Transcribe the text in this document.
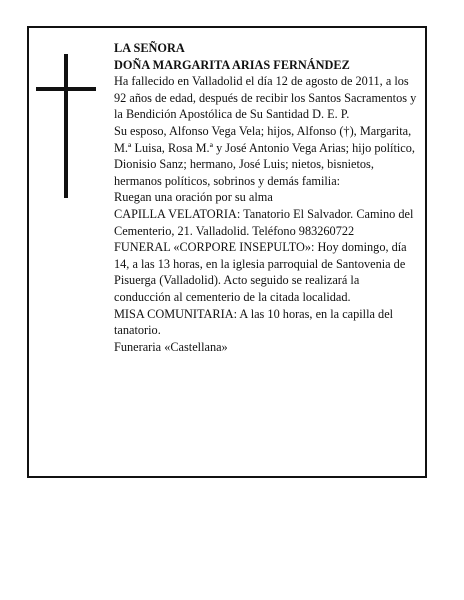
LA SEÑORA

DOÑA MARGARITA ARIAS FERNÁNDEZ

Ha fallecido en Valladolid el día 12 de agosto de 2011, a los 92 años de edad, después de recibir los Santos Sacramentos y la Bendición Apostólica de Su Santidad D. E. P.

Su esposo, Alfonso Vega Vela; hijos, Alfonso (†), Margarita, M.ª Luisa, Rosa M.ª y José Antonio Vega Arias; hijo político, Dionisio Sanz; hermano, José Luis; nietos, bisnietos, hermanos políticos, sobrinos y demás familia:

Ruegan una oración por su alma

CAPILLA VELATORIA: Tanatorio El Salvador. Camino del Cementerio, 21. Valladolid. Teléfono 983260722

FUNERAL «CORPORE INSEPULTO»: Hoy domingo, día 14, a las 13 horas, en la iglesia parroquial de Santovenia de Pisuerga (Valladolid). Acto seguido se realizará la conducción al cementerio de la citada localidad.

MISA COMUNITARIA: A las 10 horas, en la capilla del tanatorio.

Funeraria «Castellana»
